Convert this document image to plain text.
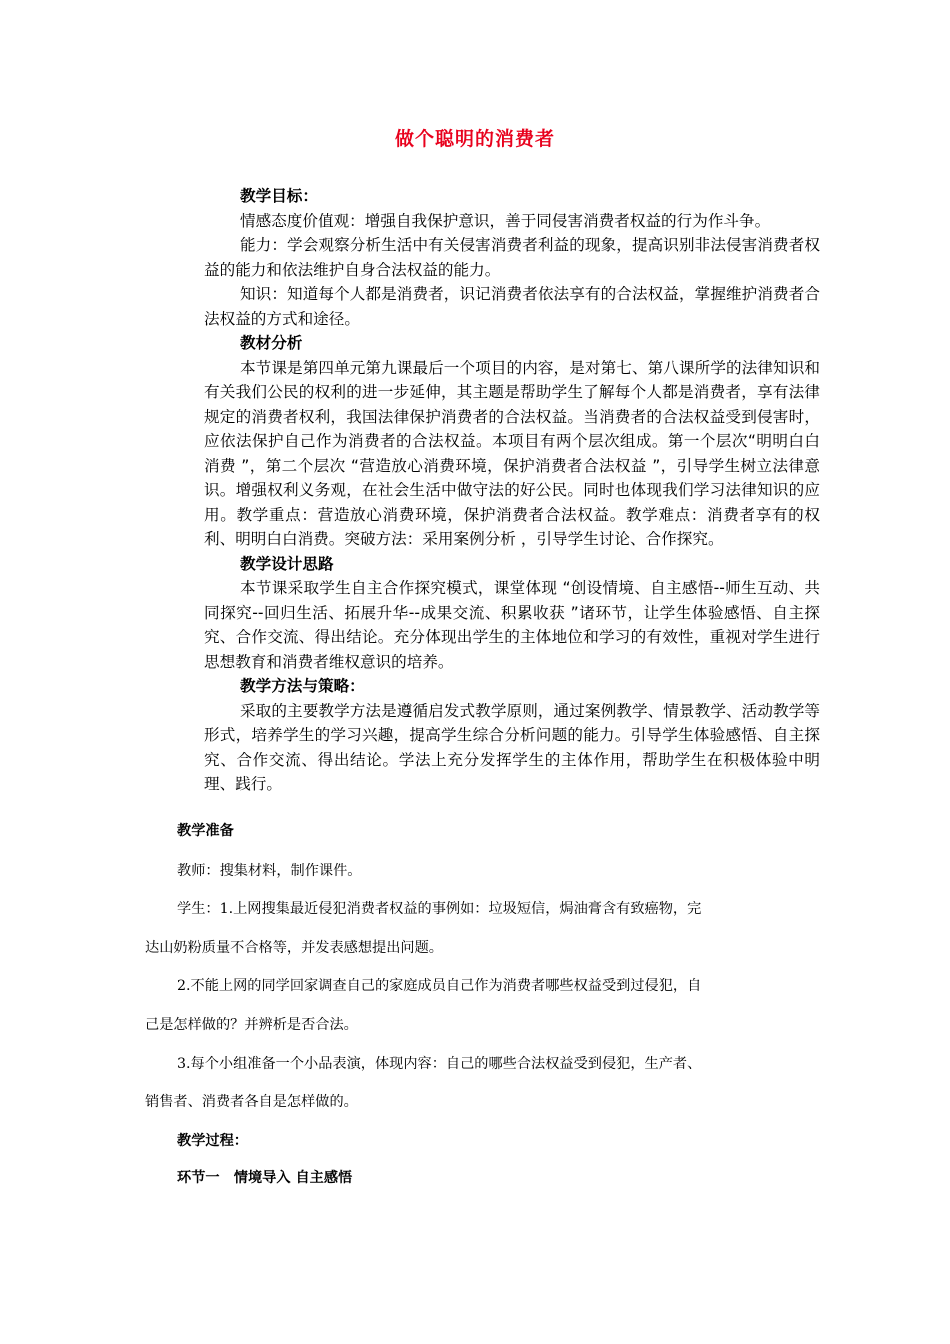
做个聪明的消费者
教学目标：
情感态度价值观：增强自我保护意识，善于同侵害消费者权益的行为作斗争。
能力：学会观察分析生活中有关侵害消费者利益的现象，提高识别非法侵害消费者权益的能力和依法维护自身合法权益的能力。
知识：知道每个人都是消费者，识记消费者依法享有的合法权益，掌握维护消费者合法权益的方式和途径。
教材分析
本节课是第四单元第九课最后一个项目的内容，是对第七、第八课所学的法律知识和有关我们公民的权利的进一步延伸，其主题是帮助学生了解每个人都是消费者，享有法律规定的消费者权利，我国法律保护消费者的合法权益。当消费者的合法权益受到侵害时，应依法保护自己作为消费者的合法权益。本项目有两个层次组成。第一个层次“明明白白消费 ”，第二个层次 “营造放心消费环境，保护消费者合法权益 ”，引导学生树立法律意识。增强权利义务观，在社会生活中做守法的好公民。同时也体现我们学习法律知识的应用。教学重点：营造放心消费环境，保护消费者合法权益。教学难点：消费者享有的权利、明明白白消费。突破方法：采用案例分析 ，引导学生讨论、合作探究。
教学设计思路
本节课采取学生自主合作探究模式，课堂体现 “创设情境、自主感悟--师生互动、共同探究--回归生活、拓展升华--成果交流、积累收获 ”诸环节，让学生体验感悟、自主探究、合作交流、得出结论。充分体现出学生的主体地位和学习的有效性，重视对学生进行思想教育和消费者维权意识的培养。
教学方法与策略：
采取的主要教学方法是遵循启发式教学原则，通过案例教学、情景教学、活动教学等形式，培养学生的学习兴趣，提高学生综合分析问题的能力。引导学生体验感悟、自主探究、合作交流、得出结论。学法上充分发挥学生的主体作用，帮助学生在积极体验中明理、践行。
教学准备
教师：搜集材料，制作课件。
学生：1.上网搜集最近侵犯消费者权益的事例如：垃圾短信，焗油膏含有致癌物，完
达山奶粉质量不合格等，并发表感想提出问题。
2.不能上网的同学回家调查自己的家庭成员自己作为消费者哪些权益受到过侵犯，自
己是怎样做的？并辨析是否合法。
3.每个小组准备一个小品表演，体现内容：自己的哪些合法权益受到侵犯，生产者、
销售者、消费者各自是怎样做的。
教学过程：
环节一　情境导入 自主感悟
